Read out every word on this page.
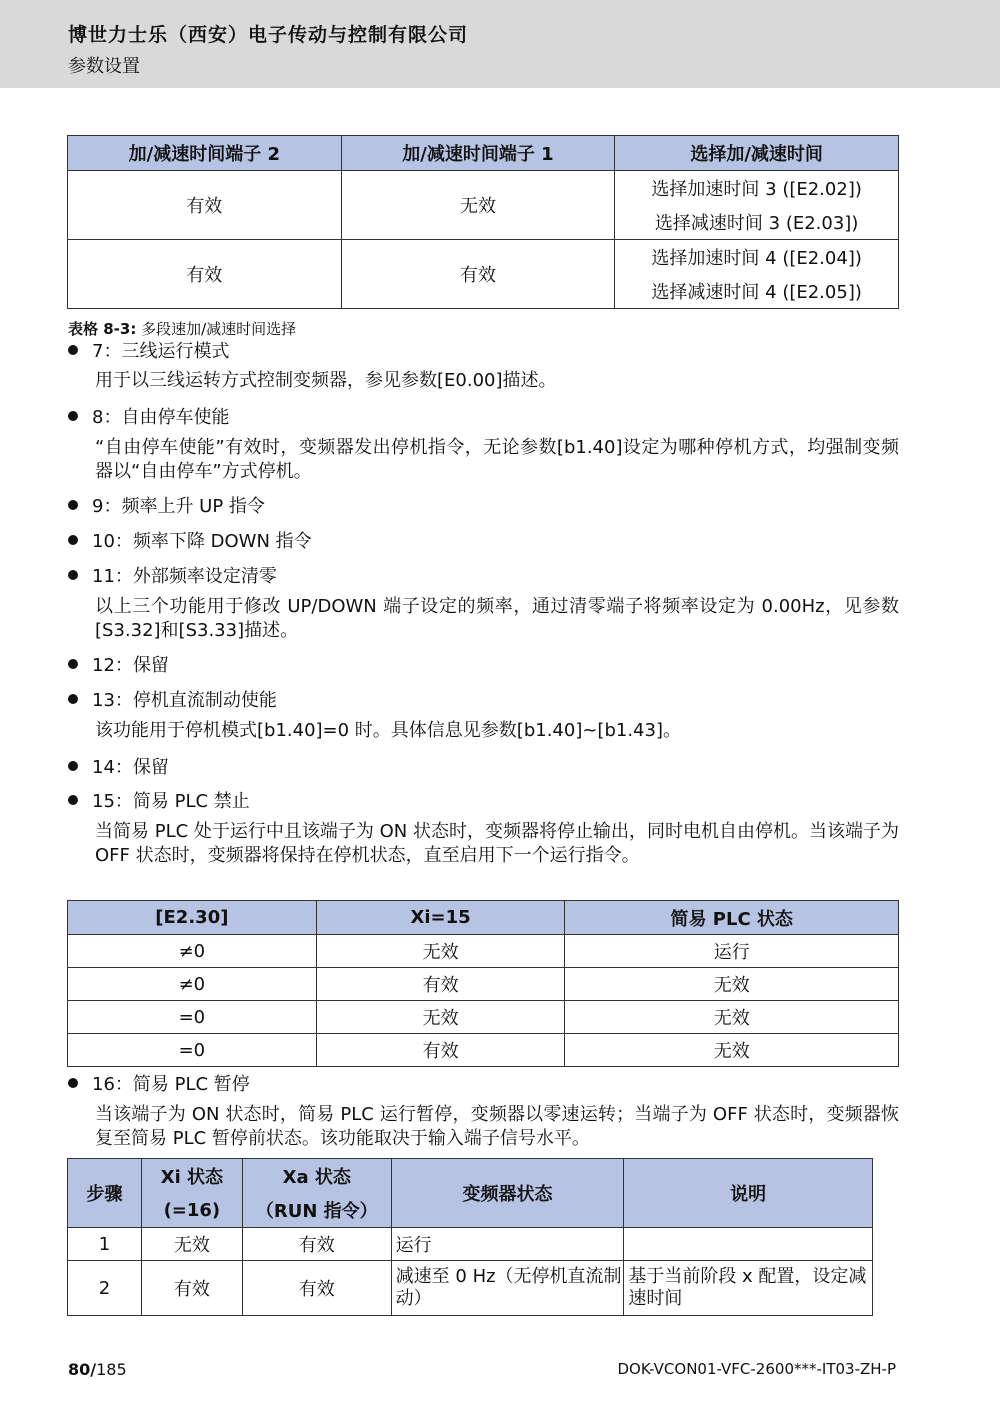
博世力士乐（西安）电子传动与控制有限公司
参数设置
加/减速时间端子 2	加/减速时间端子 1	选择加/减速时间
有效	无效	选择加速时间 3 ([E2.02])
		选择减速时间 3 (E2.03])
有效	有效	选择加速时间 4 ([E2.04])
		选择减速时间 4 ([E2.05])
表格 8-3: 多段速加/减速时间选择
7：三线运行模式
用于以三线运转方式控制变频器，参见参数[E0.00]描述。
8：自由停车使能
“自由停车使能”有效时，变频器发出停机指令，无论参数[b1.40]设定为哪种停机方式，均强制变频器以“自由停车”方式停机。
9：频率上升 UP 指令
10：频率下降 DOWN 指令
11：外部频率设定清零
以上三个功能用于修改 UP/DOWN 端子设定的频率，通过清零端子将频率设定为 0.00Hz，见参数 [S3.32]和[S3.33]描述。
12：保留
13：停机直流制动使能
该功能用于停机模式[b1.40]=0 时。具体信息见参数[b1.40]~[b1.43]。
14：保留
15：简易 PLC 禁止
当简易 PLC 处于运行中且该端子为 ON 状态时，变频器将停止输出，同时电机自由停机。当该端子为 OFF 状态时，变频器将保持在停机状态，直至启用下一个运行指令。
[E2.30]	Xi=15	简易 PLC 状态
≠0	无效	运行
≠0	有效	无效
=0	无效	无效
=0	有效	无效
16：简易 PLC 暂停
当该端子为 ON 状态时，简易 PLC 运行暂停，变频器以零速运转；当端子为 OFF 状态时，变频器恢复至简易 PLC 暂停前状态。该功能取决于输入端子信号水平。
步骤	Xi 状态	Xa 状态	变频器状态	说明
	(=16)	（RUN 指令）		
1	无效	有效	运行	
2	有效	有效	减速至 0 Hz（无停机直流制动）	基于当前阶段 x 配置，设定减速时间
80/185	DOK-VCON01-VFC-2600***-IT03-ZH-P
